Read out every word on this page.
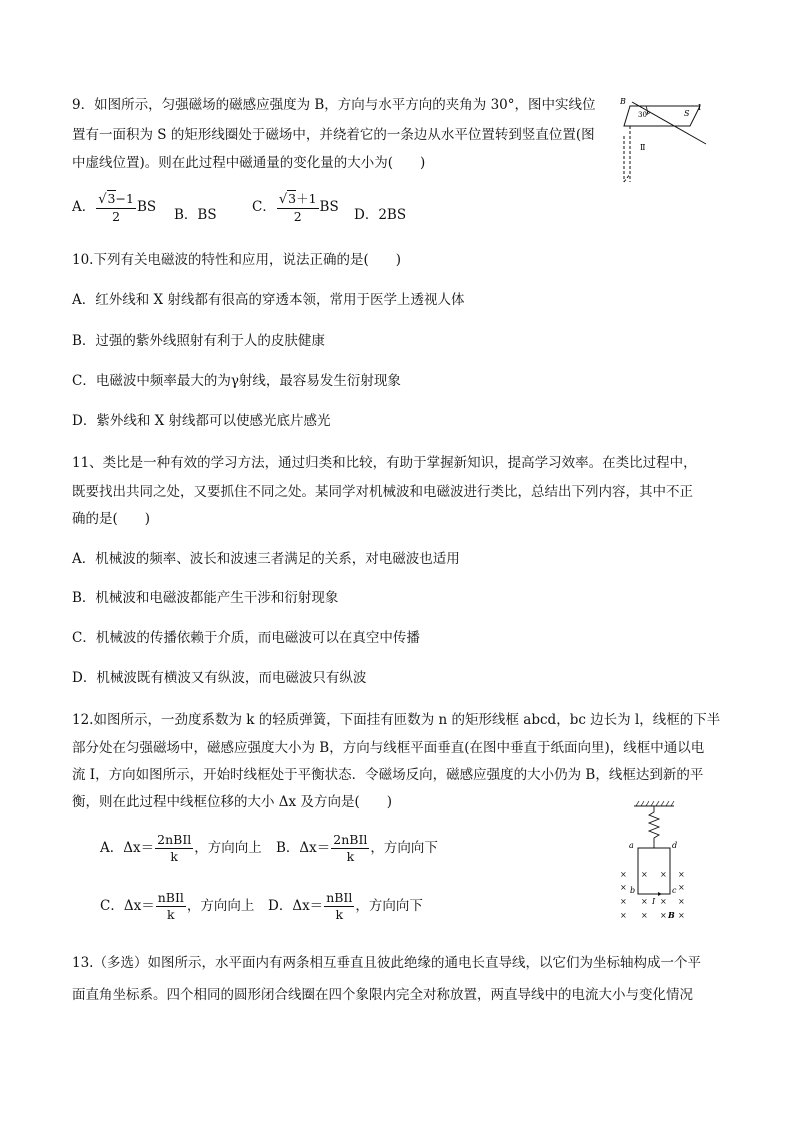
9．如图所示，匀强磁场的磁感应强度为 B，方向与水平方向的夹角为 30°，图中实线位
置有一面积为 S 的矩形线圈处于磁场中，并绕着它的一条边从水平位置转到竖直位置(图
中虚线位置)。则在此过程中磁通量的变化量的大小为(　　)
B
30°	S
Ⅰ
Ⅱ
A． $\frac{√3-1}{2}$ BS B．BS	C． $\frac{√3+1}{2}$ BS D．2BS
10.下列有关电磁波的特性和应用，说法正确的是(　　)
A．红外线和 X 射线都有很高的穿透本领，常用于医学上透视人体
B．过强的紫外线照射有利于人的皮肤健康
C．电磁波中频率最大的为γ射线，最容易发生衍射现象
D．紫外线和 X 射线都可以使感光底片感光
11、类比是一种有效的学习方法，通过归类和比较，有助于掌握新知识，提高学习效率。在类比过程中，
既要找出共同之处，又要抓住不同之处。某同学对机械波和电磁波进行类比，总结出下列内容，其中不正
确的是(　　)
A．机械波的频率、波长和波速三者满足的关系，对电磁波也适用
B．机械波和电磁波都能产生干涉和衍射现象
C．机械波的传播依赖于介质，而电磁波可以在真空中传播
D．机械波既有横波又有纵波，而电磁波只有纵波
12.如图所示，一劲度系数为 k 的轻质弹簧，下面挂有匝数为 n 的矩形线框 abcd，bc 边长为 l，线框的下半
部分处在匀强磁场中，磁感应强度大小为 B，方向与线框平面垂直(在图中垂直于纸面向里)，线框中通以电
流 I，方向如图所示，开始时线框处于平衡状态．令磁场反向，磁感应强度的大小仍为 B，线框达到新的平
衡，则在此过程中线框位移的大小 Δx 及方向是(　　)
A．$\Delta x= \frac{\text{2nBIl}}{k}$ ，方向向上 B．$\Delta x= \frac{\text{2nBIl}}{k}$ ，方向向下
C．$\Delta x= \frac{\text{nBIl}}{k}$ ，方向向上 D．$\Delta x= \frac{\text{nBIl}}{k}$ ，方向向下
× × × ×
×	×
× × × ×
× × × ×
a	d
b	c
I
B
13.（多选）如图所示，水平面内有两条相互垂直且彼此绝缘的通电长直导线，以它们为坐标轴构成一个平
面直角坐标系。四个相同的圆形闭合线圈在四个象限内完全对称放置，两直导线中的电流大小与变化情况
